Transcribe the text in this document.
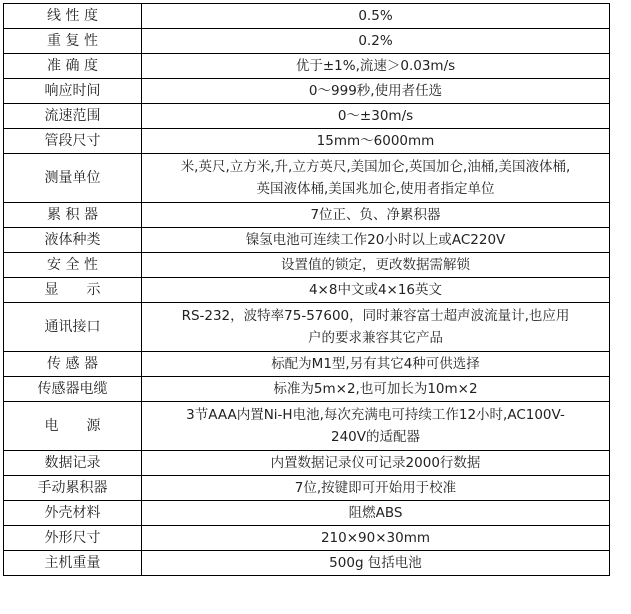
线 性 度	0.5%

重 复 性	0.2%

准 确 度	优于±1%,流速＞0.03m/s

响应时间	0～999秒,使用者任选

流速范围	0～±30m/s

管段尺寸	15mm～6000mm

测量单位	米,英尺,立方米,升,立方英尺,美国加仑,英国加仑,油桶,美国液体桶,
英国液体桶,美国兆加仑,使用者指定单位

累 积 器	7位正、负、净累积器

液体种类	镍氢电池可连续工作20小时以上或AC220V

安 全 性	设置值的锁定，更改数据需解锁

显　　示	4×8中文或4×16英文

通讯接口	RS-232，波特率75-57600，同时兼容富士超声波流量计,也应用
户的要求兼容其它产品

传 感 器	标配为M1型,另有其它4种可供选择

传感器电缆	标准为5m×2,也可加长为10m×2

电　　源	3节AAA内置Ni-H电池,每次充满电可持续工作12小时,AC100V-
240V的适配器

数据记录	内置数据记录仪可记录2000行数据

手动累积器	7位,按键即可开始用于校准

外壳材料	阻燃ABS

外形尺寸	210×90×30mm

主机重量	500g 包括电池
